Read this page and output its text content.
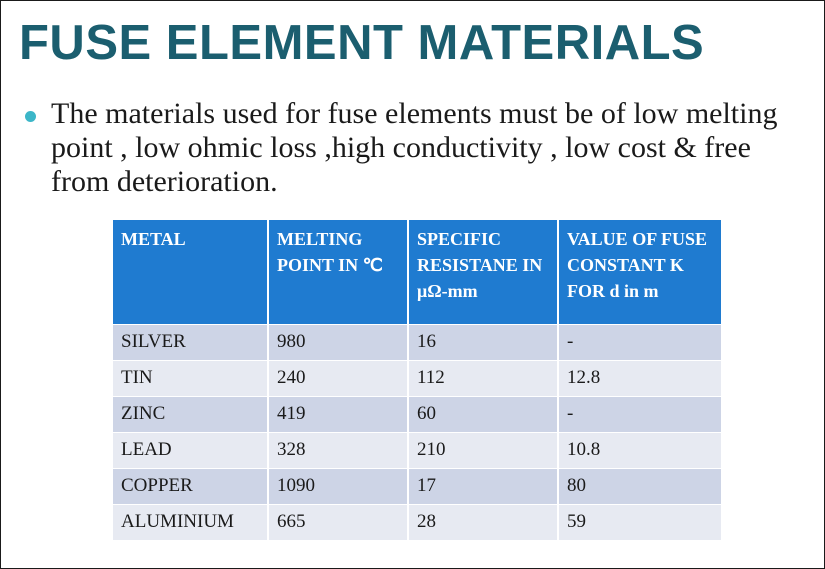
FUSE ELEMENT MATERIALS

The materials used for fuse elements must be of low melting point , low ohmic loss ,high conductivity , low cost & free from deterioration.

METAL	MELTING POINT IN ℃	SPECIFIC RESISTANE IN μΩ-mm	VALUE OF FUSE CONSTANT K FOR d in m
SILVER	980	16	-
TIN	240	112	12.8
ZINC	419	60	-
LEAD	328	210	10.8
COPPER	1090	17	80
ALUMINIUM	665	28	59
